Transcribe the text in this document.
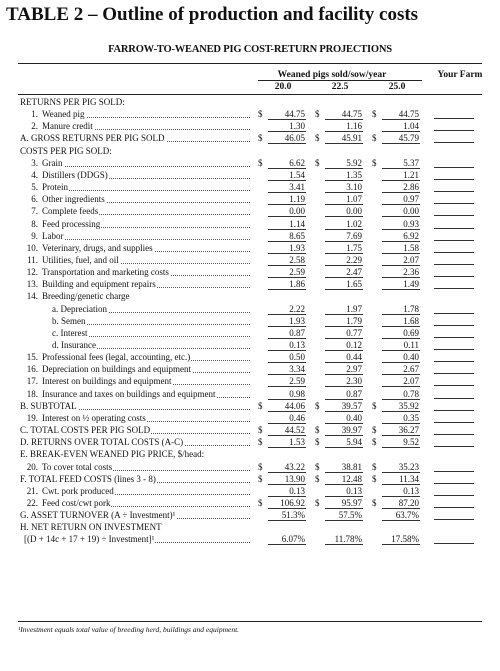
TABLE 2 – Outline of production and facility costs
FARROW-TO-WEANED PIG COST-RETURN PROJECTIONS
Weaned pigs sold/sow/year	Your Farm
20.0	22.5	25.0
RETURNS PER PIG SOLD:
1. Weaned pig	$	44.75 $	44.75 $	44.75
2. Manure credit	1.30	1.16	1.04
A. GROSS RETURNS PER PIG SOLD	$	46.05 $	45.91 $	45.79
COSTS PER PIG SOLD:
3. Grain	$	6.62 $	5.92 $	5.37
4. Distillers (DDGS)	1.54	1.35	1.21
5. Protein	3.41	3.10	2.86
6. Other ingredients	1.19	1.07	0.97
7. Complete feeds	0.00	0.00	0.00
8. Feed processing	1.14	1.02	0.93
9. Labor	8.65	7.69	6.92
10. Veterinary, drugs, and supplies	1.93	1.75	1.58
11. Utilities, fuel, and oil	2.58	2.29	2.07
12. Transportation and marketing costs	2.59	2.47	2.36
13. Building and equipment repairs	1.86	1.65	1.49
14. Breeding/genetic charge
a. Depreciation	2.22	1.97	1.78
b. Semen	1.93	1.79	1.68
c. Interest	0.87	0.77	0.69
d. Insurance	0.13	0.12	0.11
15. Professional fees (legal, accounting, etc.)	0.50	0.44	0.40
16. Depreciation on buildings and equipment	3.34	2.97	2.67
17. Interest on buildings and equipment	2.59	2.30	2.07
18. Insurance and taxes on buildings and equipment	0.98	0.87	0.78
B. SUBTOTAL	$	44.06 $	39.57 $	35.92
19. Interest on ½ operating costs	0.46	0.40	0.35
C. TOTAL COSTS PER PIG SOLD	$	44.52 $	39.97 $	36.27
D. RETURNS OVER TOTAL COSTS (A-C)	$	1.53 $	5.94 $	9.52
E. BREAK-EVEN WEANED PIG PRICE, $/head:
20. To cover total costs	$	43.22 $	38.81 $	35.23
F. TOTAL FEED COSTS (lines 3 - 8)	$	13.90 $	12.48 $	11.34
21. Cwt. pork produced	0.13	0.13	0.13
22. Feed cost/cwt pork	$	106.92 $	95.97 $	87.20
G. ASSET TURNOVER (A ÷ Investment)¹	51.3%	57.5%	63.7%
H. NET RETURN ON INVESTMENT
[(D + 14c + 17 + 19) ÷ Investment]¹	6.07%	11.78%	17.58%
¹Investment equals total value of breeding herd, buildings and equipment.
